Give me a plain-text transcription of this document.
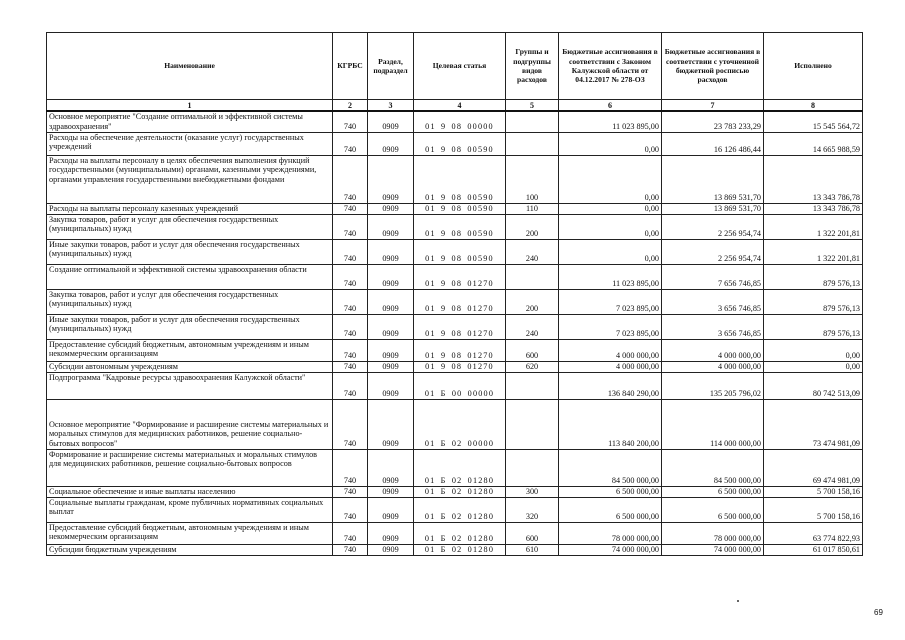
Наименование	КГРБС	Раздел, подраздел	Целевая статья	Группы и подгруппы видов расходов	Бюджетные ассигнования в соответствии с Законом Калужской области от 04.12.2017 № 278-ОЗ	Бюджетные ассигнования в соответствии с уточненной бюджетной росписью расходов	Исполнено
1	2	3	4	5	6	7	8
Основное мероприятие "Создание оптимальной и эффективной системы здравоохранения"	740	0909	01 9 08 00000		11 023 895,00	23 783 233,29	15 545 564,72
Расходы на обеспечение деятельности (оказание услуг) государственных учреждений	740	0909	01 9 08 00590		0,00	16 126 486,44	14 665 988,59
Расходы на выплаты персоналу в целях обеспечения выполнения функций государственными (муниципальными) органами, казенными учреждениями, органами управления государственными внебюджетными фондами	740	0909	01 9 08 00590	100	0,00	13 869 531,70	13 343 786,78
Расходы на выплаты персоналу казенных учреждений	740	0909	01 9 08 00590	110	0,00	13 869 531,70	13 343 786,78
Закупка товаров, работ и услуг для обеспечения государственных (муниципальных) нужд	740	0909	01 9 08 00590	200	0,00	2 256 954,74	1 322 201,81
Иные закупки товаров, работ и услуг для обеспечения государственных (муниципальных) нужд	740	0909	01 9 08 00590	240	0,00	2 256 954,74	1 322 201,81
Создание оптимальной и эффективной системы здравоохранения области	740	0909	01 9 08 01270		11 023 895,00	7 656 746,85	879 576,13
Закупка товаров, работ и услуг для обеспечения государственных (муниципальных) нужд	740	0909	01 9 08 01270	200	7 023 895,00	3 656 746,85	879 576,13
Иные закупки товаров, работ и услуг для обеспечения государственных (муниципальных) нужд	740	0909	01 9 08 01270	240	7 023 895,00	3 656 746,85	879 576,13
Предоставление субсидий бюджетным, автономным учреждениям и иным некоммерческим организациям	740	0909	01 9 08 01270	600	4 000 000,00	4 000 000,00	0,00
Субсидии автономным учреждениям	740	0909	01 9 08 01270	620	4 000 000,00	4 000 000,00	0,00
Подпрограмма "Кадровые ресурсы здравоохранения Калужской области"	740	0909	01 Б 00 00000		136 840 290,00	135 205 796,02	80 742 513,09
Основное мероприятие "Формирование и расширение системы материальных и моральных стимулов для медицинских работников, решение социально-бытовых вопросов"	740	0909	01 Б 02 00000		113 840 200,00	114 000 000,00	73 474 981,09
Формирование и расширение системы материальных и моральных стимулов для медицинских работников, решение социально-бытовых вопросов	740	0909	01 Б 02 01280		84 500 000,00	84 500 000,00	69 474 981,09
Социальное обеспечение и иные выплаты населению	740	0909	01 Б 02 01280	300	6 500 000,00	6 500 000,00	5 700 158,16
Социальные выплаты гражданам, кроме публичных нормативных социальных выплат	740	0909	01 Б 02 01280	320	6 500 000,00	6 500 000,00	5 700 158,16
Предоставление субсидий бюджетным, автономным учреждениям и иным некоммерческим организациям	740	0909	01 Б 02 01280	600	78 000 000,00	78 000 000,00	63 774 822,93
Субсидии бюджетным учреждениям	740	0909	01 Б 02 01280	610	74 000 000,00	74 000 000,00	61 017 850,61
69
